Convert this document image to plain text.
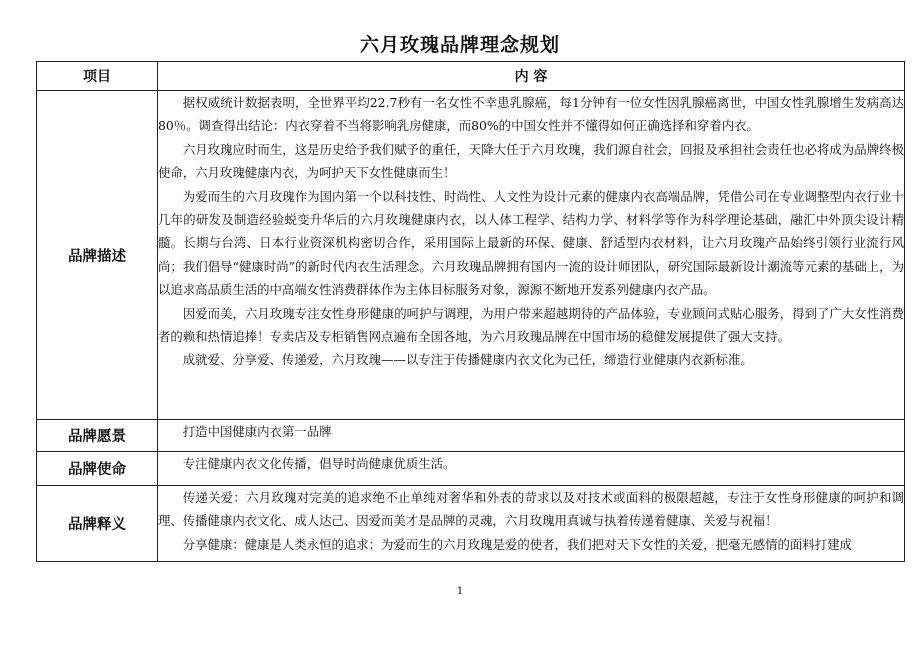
六月玫瑰品牌理念规划
项目	内 容
品牌描述	据权威统计数据表明，全世界平均22.7秒有一名女性不幸患乳腺癌，每1分钟有一位女性因乳腺癌离世，中国女性乳腺增生发病高达80％。调查得出结论：内衣穿着不当将影响乳房健康，而80%的中国女性并不懂得如何正确选择和穿着内衣。

六月玫瑰应时而生，这是历史给予我们赋予的重任，天降大任于六月玫瑰，我们源自社会，回报及承担社会责任也必将成为品牌终极使命，六月玫瑰健康内衣，为呵护天下女性健康而生！

为爱而生的六月玫瑰作为国内第一个以科技性、时尚性、人文性为设计元素的健康内衣高端品牌，凭借公司在专业调整型内衣行业十几年的研发及制造经验蜕变升华后的六月玫瑰健康内衣，以人体工程学、结构力学、材料学等作为科学理论基础，融汇中外顶尖设计精髓。长期与台湾、日本行业资深机构密切合作，采用国际上最新的环保、健康、舒适型内衣材料，让六月玫瑰产品始终引领行业流行风尚；我们倡导“健康时尚”的新时代内衣生活理念。六月玫瑰品牌拥有国内一流的设计师团队，研究国际最新设计潮流等元素的基础上，为以追求高品质生活的中高端女性消费群体作为主体目标服务对象，源源不断地开发系列健康内衣产品。

因爱而美，六月玫瑰专注女性身形健康的呵护与调理，为用户带来超越期待的产品体验，专业顾问式贴心服务，得到了广大女性消费者的赖和热情追捧！专卖店及专柜销售网点遍布全国各地，为六月玫瑰品牌在中国市场的稳健发展提供了强大支持。

成就爱、分享爱、传递爱，六月玫瑰——以专注于传播健康内衣文化为己任，缔造行业健康内衣新标准。

品牌愿景	打造中国健康内衣第一品牌

品牌使命	专注健康内衣文化传播，倡导时尚健康优质生活。

品牌释义	传递关爱：六月玫瑰对完美的追求绝不止单纯对奢华和外表的苛求以及对技术或面料的极限超越，专注于女性身形健康的呵护和调理、传播健康内衣文化、成人达己、因爱而美才是品牌的灵魂，六月玫瑰用真诚与执着传递着健康、关爱与祝福！

分享健康：健康是人类永恒的追求；为爱而生的六月玫瑰是爱的使者，我们把对天下女性的关爱，把毫无感情的面料打建成

1
